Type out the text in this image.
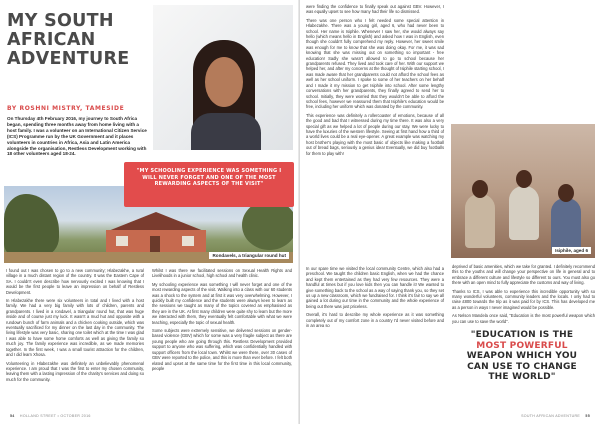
MY SOUTH
AFRICAN
ADVENTURE
BY ROSHNI MISTRY, TAMESIDE

On Thursday 4th February 2016, my journey to South Africa began, spending three months away from home living with a host family. I was a volunteer on an International Citizen Service (ICS) Programme run by the UK Government and it places volunteers in countries in Africa, Asia and Latin America alongside the organisation, Restless Development working with 18 other volunteers aged 18-24.

Rondavels, a triangular round hut
"MY SCHOOLING EXPERIENCE WAS SOMETHING I WILL NEVER FORGET AND ONE OF THE MOST REWARDING ASPECTS OF THE VISIT"

I found out I was chosen to go to a new community; Hlabezakhe, a rural village in a much distant region of the country. It was the Eastern Cape of SA. I couldn't even describe how nervously excited I was knowing that I would be the first people to leave an impression on behalf of Restless Development.

In Hlabezakhe there were six volunteers in total and I lived with a host family. We had a very big family with lots of children, parents and grandparents. I lived in a rondavel, a triangular round hut, that was huge inside and of course just my luck. It wasn't a mud hut and opposite with a rundown bunch of farm animals and a chicken cooking outside, which was eventually sacrificed for my dinner on the last day in the community. The living lifestyle was very basic, sharing one toilet which at the time I was glad I was able to have some home comforts as well as giving the family so much joy. The family experience was incredible, as we made memories together. In the first week, I was a small tourist attraction for the children, and I did learn Xhosa.

Volunteering in Hlabezakhe was definitely an unbelievably phenomenal experience. I am proud that I was the first to enter my chosen community, leaving them with a lasting impression of the charity's services and doing so much for the community.

Whilst I was there we facilitated sessions on Sexual Health Rights and Livelihoods in a junior school, high school and health clinic.

My schooling experience was something I will never forget and one of the most rewarding aspects of the visit. Walking into a class with our 60 students was a shock to the system and at first it was very overwhelming. However, I quickly built my confidence and the students were always keen to learn as the sessions we taught as many of the topics covered as emphasised as they are in the UK. At first many children were quite shy to learn but the more we interacted with them, they eventually felt comfortable with what we were teaching, especially the topic of sexual health.

Some subjects were extremely sensitive, we delivered sessions on gender-based violence (GBV) which for some was a very fragile subject as there are young people who are going through this. Restless Development provided support to anyone who was suffering, which was confidentially handled with support officers from the local town. Whilst we were there, over 30 cases of GBV were reported to the police, and this is more than ever before. I felt both elated and upset at the same time for the first time in this local community, people

54 HOLLAND STREET • OCTOBER 2016

were finding the confidence to finally speak out against GBV. However, I was equally upset to see how many had their life so dismissed.

There was one person who I felt needed some special attention in Hlabezakhe. There was a young girl, aged 6, who had never been to school. Her name is Isiphile. Whenever I saw her, she would always say hello (which means hello in English) and asked how I was in English, even though she couldn't fully comprehend my reply. However, her sweet smile was enough for me to know that she was doing okay. For me, it was sad knowing that she was missing out on something so important - free education! Sadly she wasn't allowed to go to school because her grandparents refused. They lived and took care of her. With our support we helped her, and after my concerns at the thought of Isiphile starting school, I was made aware that her grandparents could not afford the school fees as well as her school uniform. I spoke to some of her teachers on her behalf and I made it my mission to get Isiphile into school. After some lengthy conversations with her grandparents, they finally agreed to send her to school. Initially, they were worried that they wouldn't be able to afford the school fees, however we reassured them that Isiphile's education would be free, including her uniform which was donated by the community.

This experience was definitely a rollercoaster of emotions, because of all the good and bad that I witnessed during my time there. It was also a very special gift as we helped a lot of people during our stay. We were lucky to have the luxuries of the western lifestyle. Seeing at first hand how a third of a world lives could be a real eye-opener. A great example was watching my host brother's playing with the most basic of objects like making a football out of bread bags, seriously a genius idea! Eventually, we did buy footballs for them to play with!

In our spare time we visited the local community Centre, which also had a preschool. We taught the children basic English, when we had the chance and kept them entertained as they had very few resources. They were a handful at times but if you love kids then you can handle it! We wanted to give something back to the school as a way of saying thank you, so they set us up a new classroom, which we fundraised for. I think it's fair to say we all gained a lot during our time in the community and the whole experience of being out there was just priceless.

Overall, it's hard to describe my whole experience as it was something completely out of my comfort zone in a country I'd never visited before and in an area so

Isiphile, aged 6

deprived of basic amenities, which we take for granted. I definitely recommend this to the youths and will change your perspective on life in general and to embrace a different culture and lifestyle so different to ours. You must also go there with an open mind to fully appreciate the customs and way of living.

Thanks to ICS, I was able to experience this incredible opportunity with so many wonderful volunteers, community leaders and the locals. I only had to raise £800 towards the trip as it was paid for by ICS. This has developed me as a person in ways I never imagined would be possible.

As Nelson Mandela once said, "Education is the most powerful weapon which you can use to save the world".

"EDUCATION IS THE
MOST POWERFUL
WEAPON WHICH YOU
CAN USE TO CHANGE
THE WORLD"
SOUTH AFRICAN ADVENTURE 55
